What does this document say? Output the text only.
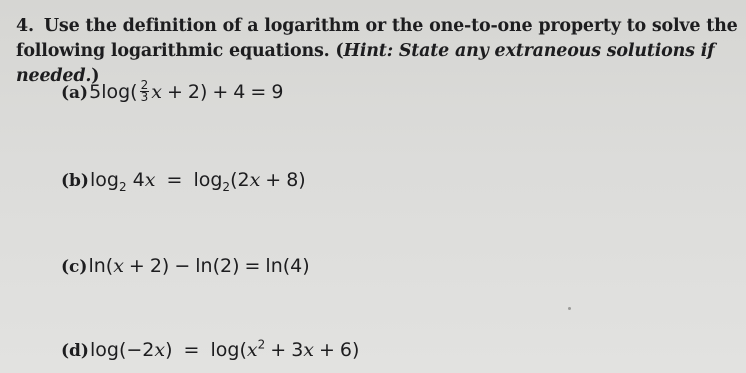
4. Use the definition of a logarithm or the one-to-one property to solve the following logarithmic equations. (Hint: State any extraneous solutions if needed.)
$(a)5\log( \frac{2}{3}$ x + 2) + 4 = 9
$(b)\log_2$ $4x = \log_2(2x + 8)$
(c)ln(x + 2) − ln(2) = ln(4)
$(d)\log(-2x) = \log(x^2 + 3x + 6)$
